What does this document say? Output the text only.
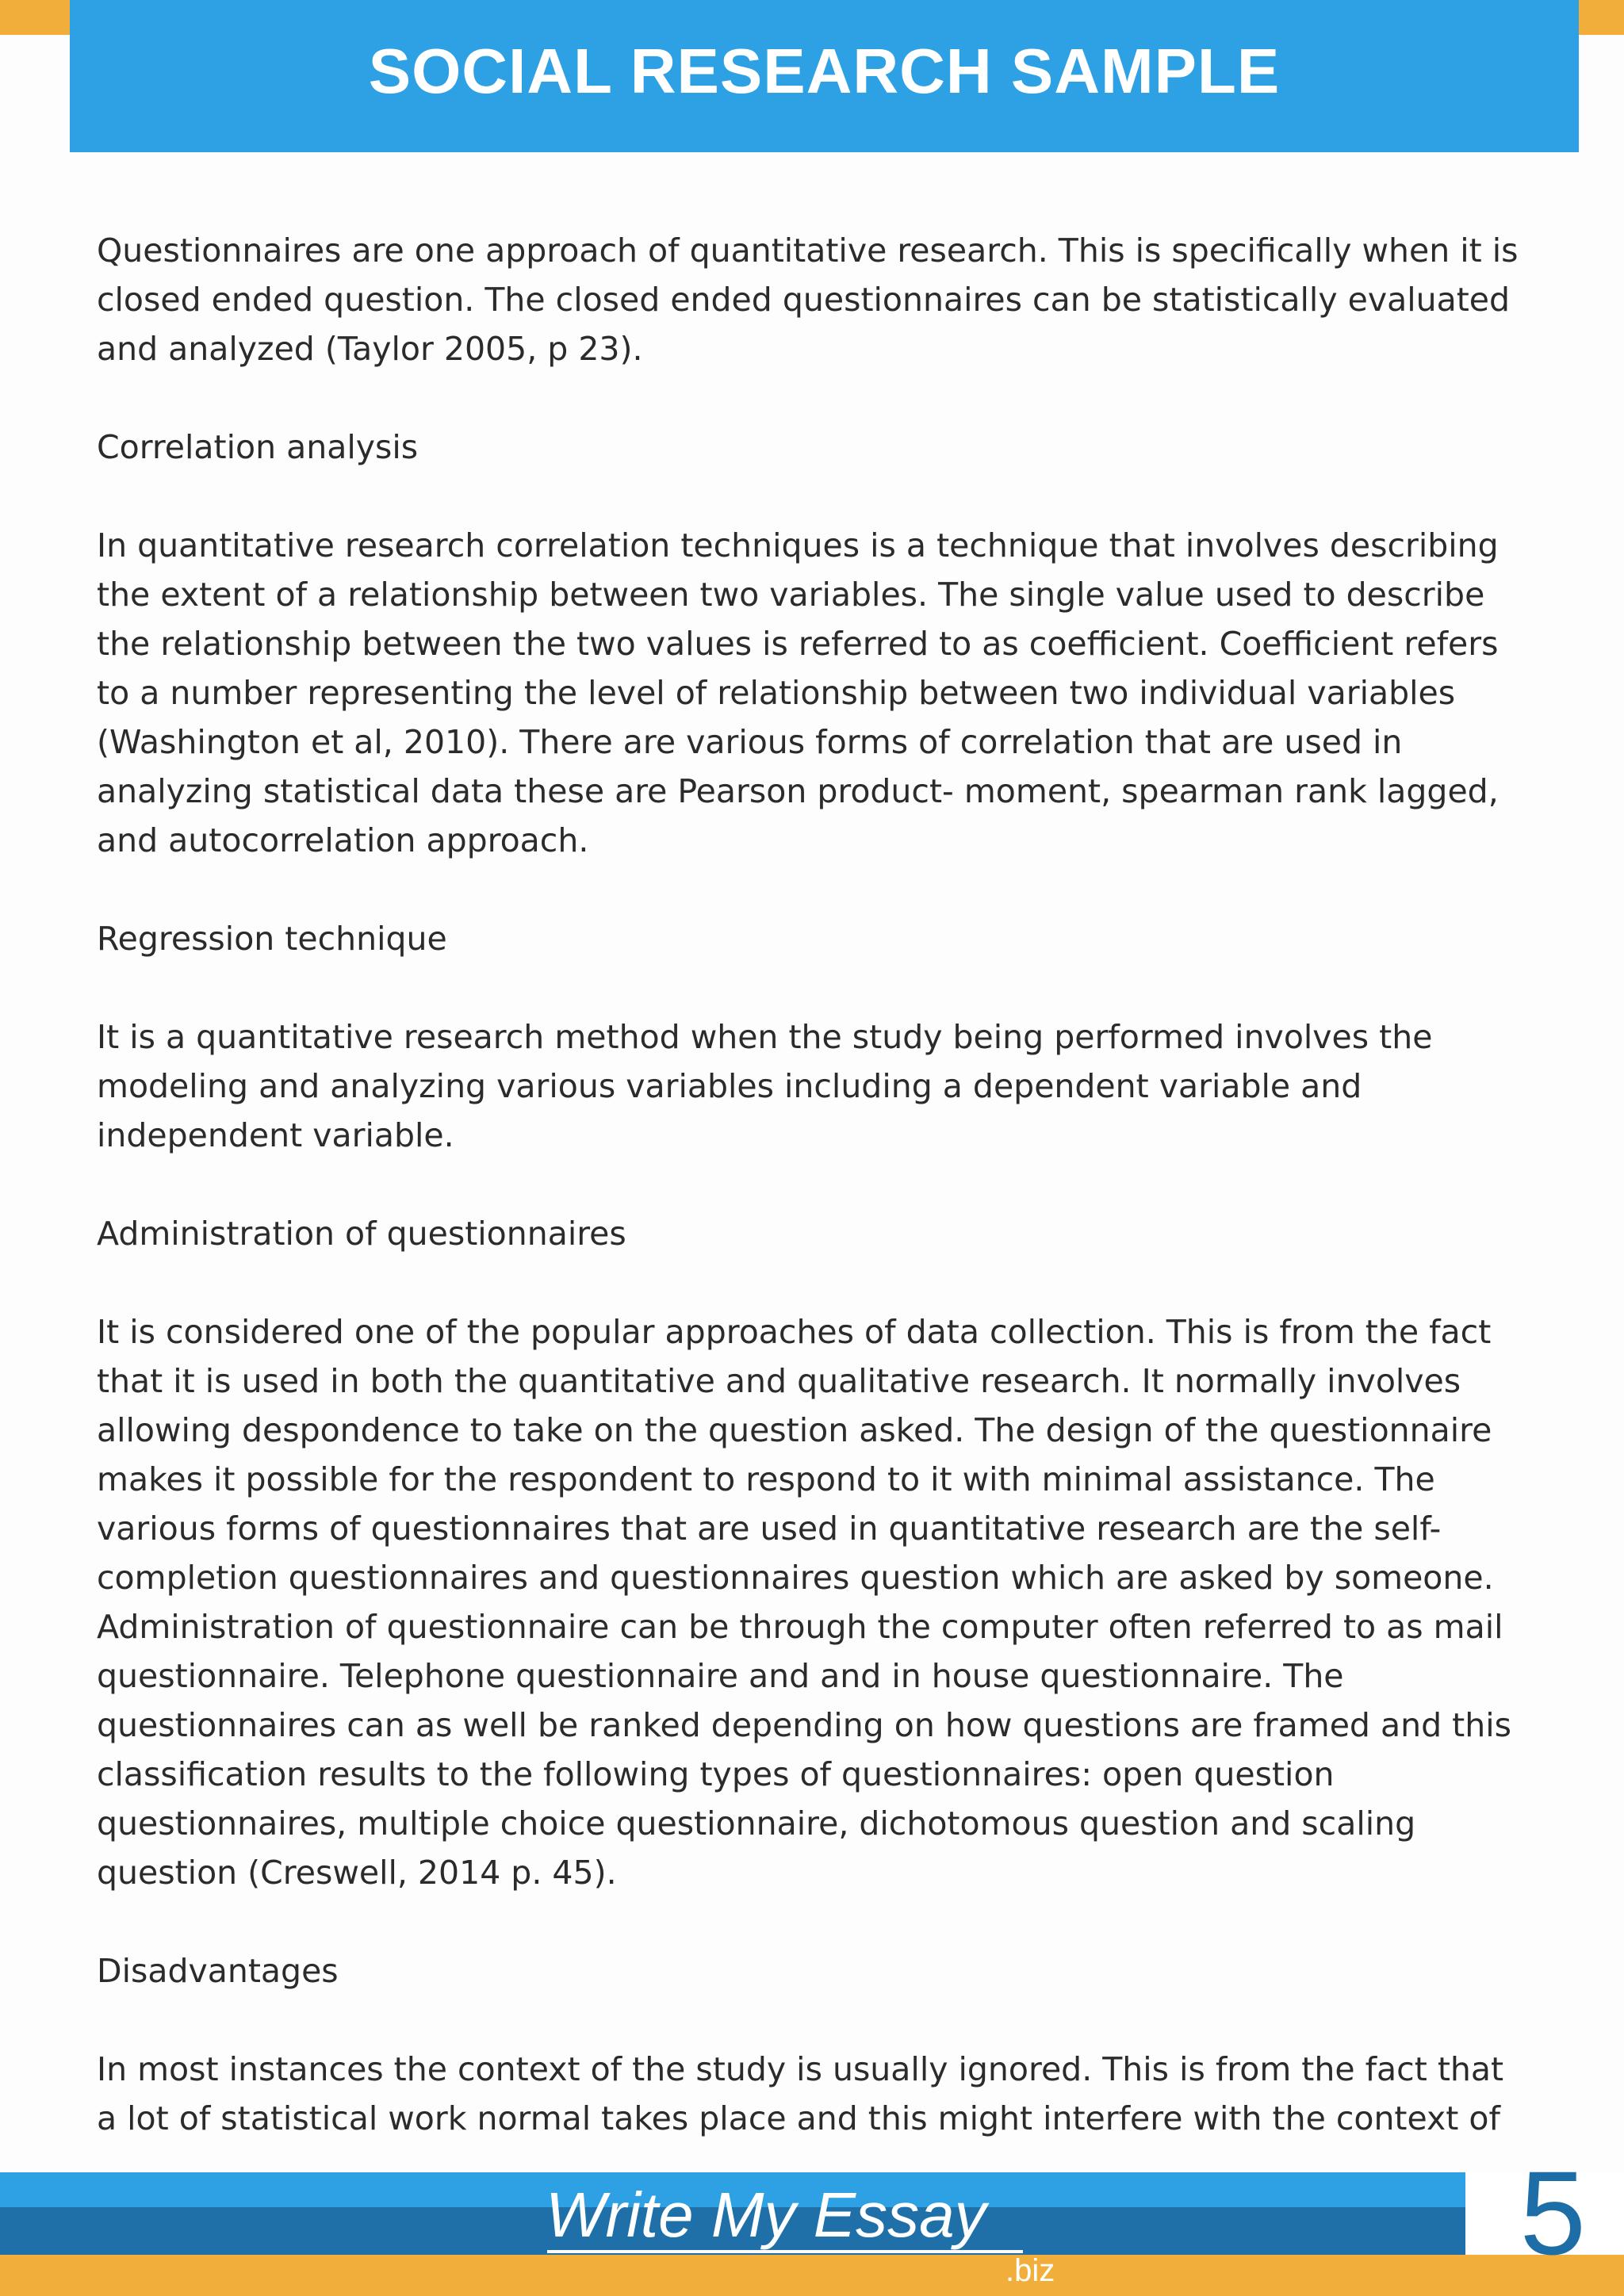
SOCIAL RESEARCH SAMPLE

Questionnaires are one approach of quantitative research. This is specifically when it is closed ended question. The closed ended questionnaires can be statistically evaluated and analyzed (Taylor 2005, p 23).

Correlation analysis

In quantitative research correlation techniques is a technique that involves describing the extent of a relationship between two variables. The single value used to describe the relationship between the two values is referred to as coefficient. Coefficient refers to a number representing the level of relationship between two individual variables (Washington et al, 2010). There are various forms of correlation that are used in analyzing statistical data these are Pearson product- moment, spearman rank lagged, and autocorrelation approach.

Regression technique

It is a quantitative research method when the study being performed involves the modeling and analyzing various variables including a dependent variable and independent variable.

Administration of questionnaires

It is considered one of the popular approaches of data collection. This is from the fact that it is used in both the quantitative and qualitative research. It normally involves allowing despondence to take on the question asked. The design of the questionnaire makes it possible for the respondent to respond to it with minimal assistance. The various forms of questionnaires that are used in quantitative research are the self-completion questionnaires and questionnaires question which are asked by someone. Administration of questionnaire can be through the computer often referred to as mail questionnaire. Telephone questionnaire and and in house questionnaire. The questionnaires can as well be ranked depending on how questions are framed and this classification results to the following types of questionnaires: open question questionnaires, multiple choice questionnaire, dichotomous question and scaling question (Creswell, 2014 p. 45).

Disadvantages

In most instances the context of the study is usually ignored. This is from the fact that a lot of statistical work normal takes place and this might interfere with the context of

Write My Essay
.biz	5
